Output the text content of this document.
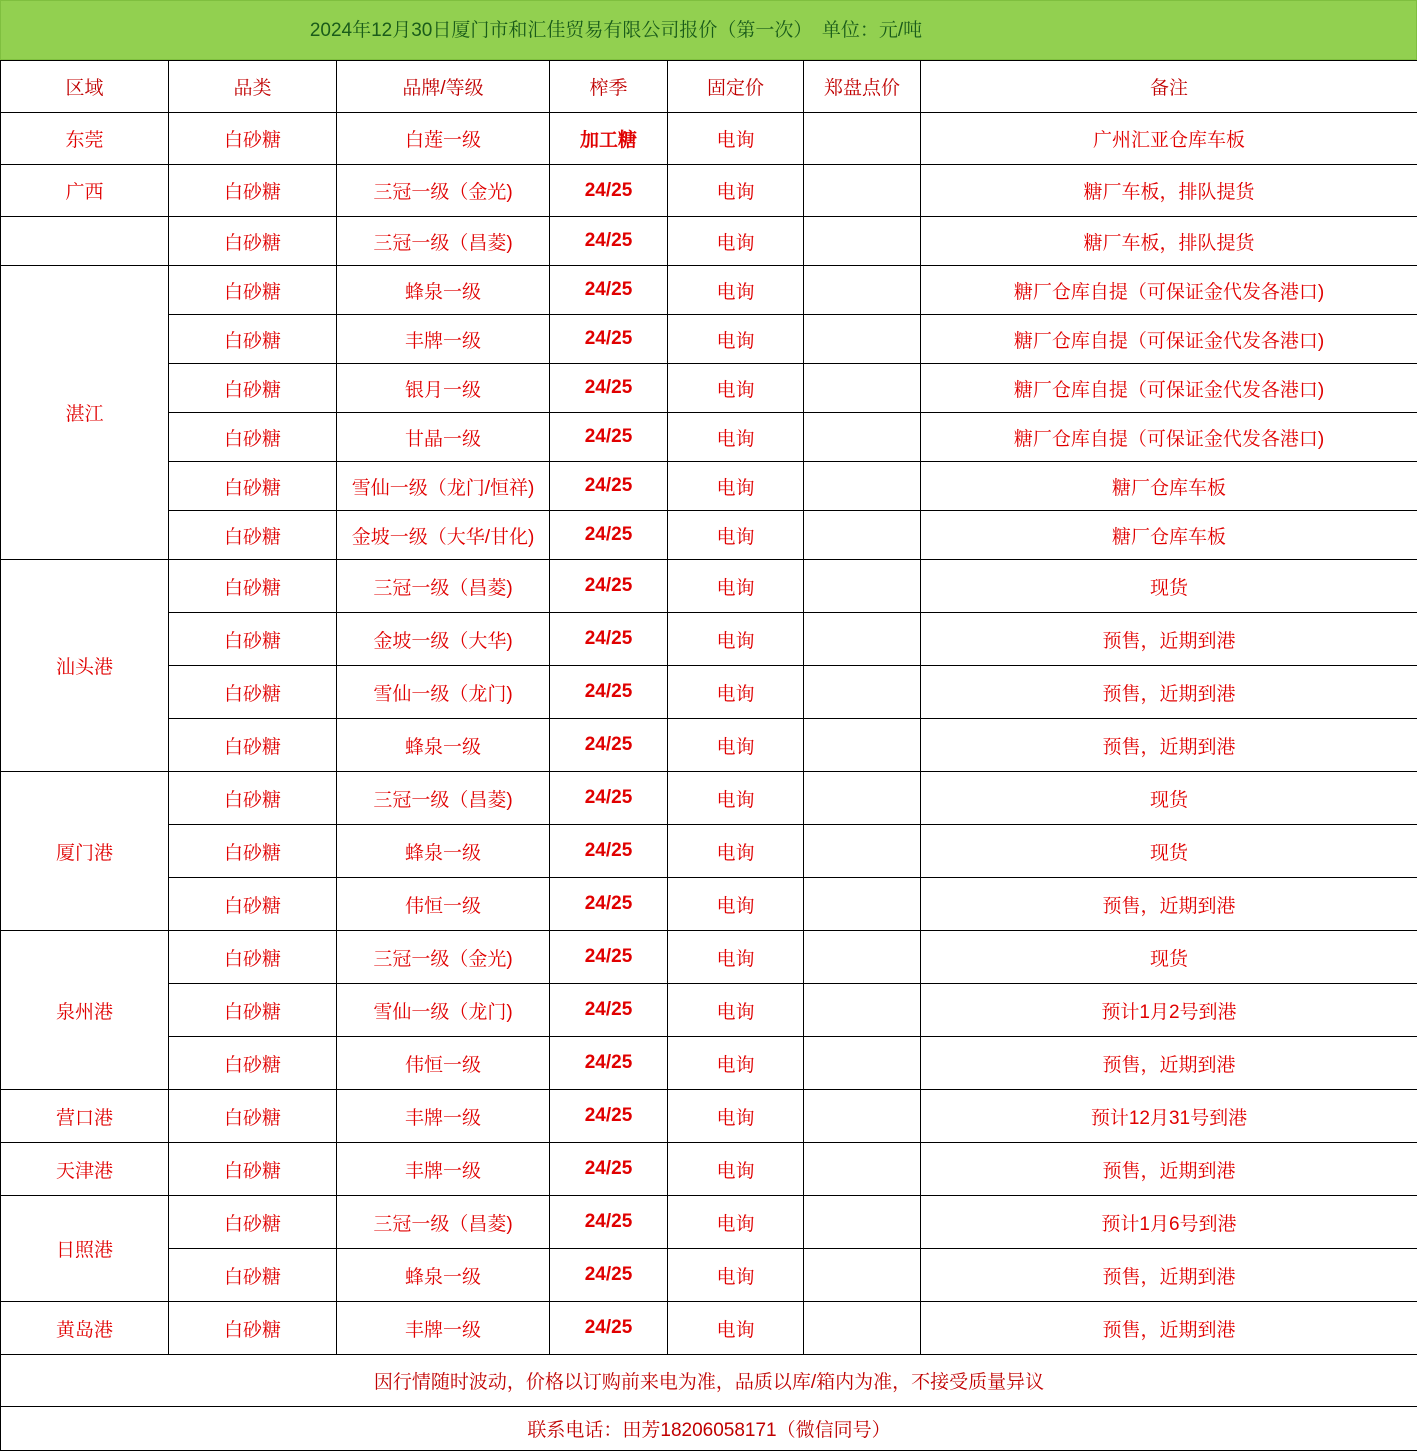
2024年12月30日厦门市和汇佳贸易有限公司报价（第一次）　单位：元/吨
区域	品类	品牌/等级	榨季	固定价	郑盘点价	备注
东莞	白砂糖	白莲一级	加工糖	电询		广州汇亚仓库车板
广西	白砂糖	三冠一级（金光)	24/25	电询		糖厂车板，排队提货
	白砂糖	三冠一级（昌菱)	24/25	电询		糖厂车板，排队提货
湛江	白砂糖	蜂泉一级	24/25	电询		糖厂仓库自提（可保证金代发各港口)
	白砂糖	丰牌一级	24/25	电询		糖厂仓库自提（可保证金代发各港口)
	白砂糖	银月一级	24/25	电询		糖厂仓库自提（可保证金代发各港口)
	白砂糖	甘晶一级	24/25	电询		糖厂仓库自提（可保证金代发各港口)
	白砂糖	雪仙一级（龙门/恒祥)	24/25	电询		糖厂仓库车板
	白砂糖	金坡一级（大华/甘化)	24/25	电询		糖厂仓库车板
汕头港	白砂糖	三冠一级（昌菱)	24/25	电询		现货
	白砂糖	金坡一级（大华)	24/25	电询		预售，近期到港
	白砂糖	雪仙一级（龙门)	24/25	电询		预售，近期到港
	白砂糖	蜂泉一级	24/25	电询		预售，近期到港
厦门港	白砂糖	三冠一级（昌菱)	24/25	电询		现货
	白砂糖	蜂泉一级	24/25	电询		现货
	白砂糖	伟恒一级	24/25	电询		预售，近期到港
泉州港	白砂糖	三冠一级（金光)	24/25	电询		现货
	白砂糖	雪仙一级（龙门)	24/25	电询		预计1月2号到港
	白砂糖	伟恒一级	24/25	电询		预售，近期到港
营口港	白砂糖	丰牌一级	24/25	电询		预计12月31号到港
天津港	白砂糖	丰牌一级	24/25	电询		预售，近期到港
日照港	白砂糖	三冠一级（昌菱)	24/25	电询		预计1月6号到港
	白砂糖	蜂泉一级	24/25	电询		预售，近期到港
黄岛港	白砂糖	丰牌一级	24/25	电询		预售，近期到港
因行情随时波动，价格以订购前来电为准，品质以库/箱内为准，不接受质量异议						
联系电话：田芳18206058171（微信同号）						
